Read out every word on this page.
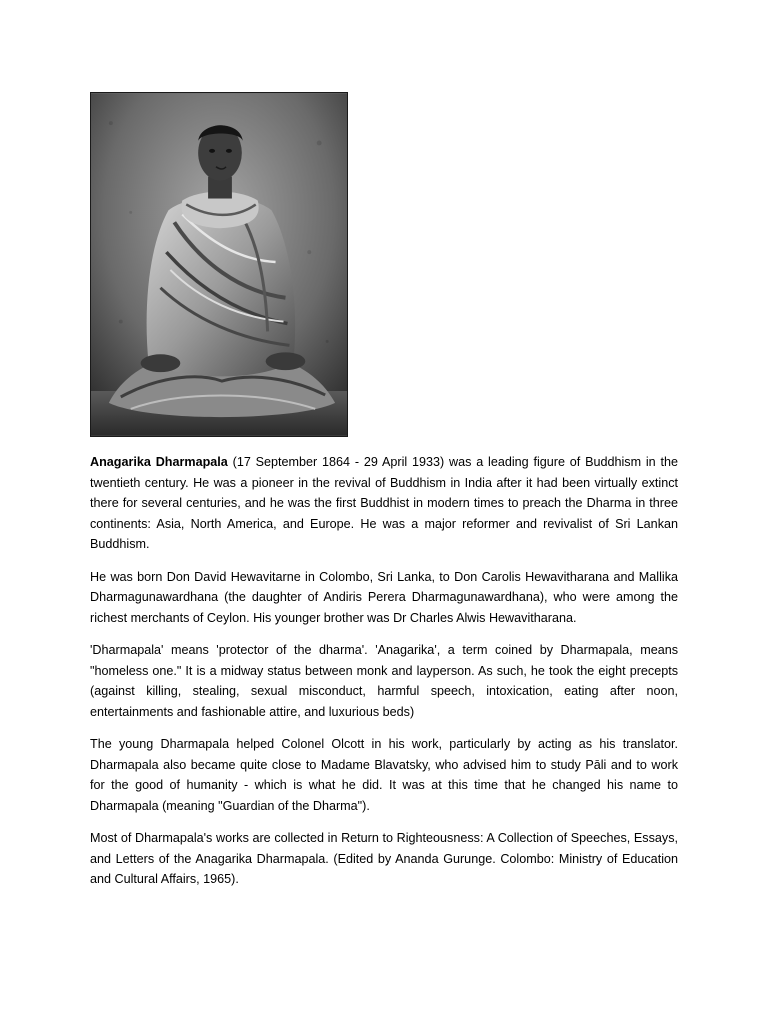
Anagarika Dharmapala (17 September 1864 - 29 April 1933) was a leading figure of Buddhism in the twentieth century. He was a pioneer in the revival of Buddhism in India after it had been virtually extinct there for several centuries, and he was the first Buddhist in modern times to preach the Dharma in three continents: Asia, North America, and Europe. He was a major reformer and revivalist of Sri Lankan Buddhism.

He was born Don David Hewavitarne in Colombo, Sri Lanka, to Don Carolis Hewavitharana and Mallika Dharmagunawardhana (the daughter of Andiris Perera Dharmagunawardhana), who were among the richest merchants of Ceylon. His younger brother was Dr Charles Alwis Hewavitharana.

'Dharmapala' means 'protector of the dharma'. 'Anagarika', a term coined by Dharmapala, means "homeless one." It is a midway status between monk and layperson. As such, he took the eight precepts (against killing, stealing, sexual misconduct, harmful speech, intoxication, eating after noon, entertainments and fashionable attire, and luxurious beds)

The young Dharmapala helped Colonel Olcott in his work, particularly by acting as his translator. Dharmapala also became quite close to Madame Blavatsky, who advised him to study Pāli and to work for the good of humanity - which is what he did. It was at this time that he changed his name to Dharmapala (meaning "Guardian of the Dharma").

Most of Dharmapala's works are collected in Return to Righteousness: A Collection of Speeches, Essays, and Letters of the Anagarika Dharmapala. (Edited by Ananda Gurunge. Colombo: Ministry of Education and Cultural Affairs, 1965).
